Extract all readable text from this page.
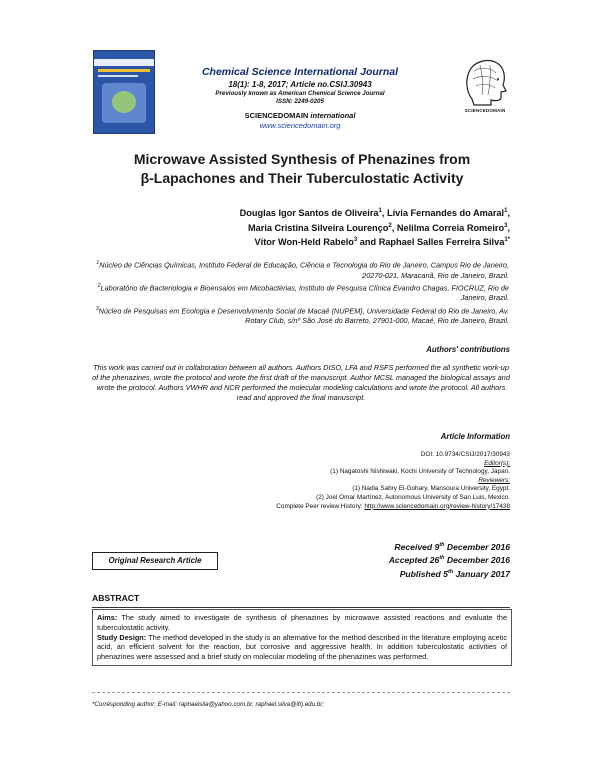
Chemical Science International Journal
18(1): 1-8, 2017; Article no.CSIJ.30943
Previously known as American Chemical Science Journal
ISSN: 2249-0205
SCIENCEDOMAIN international
www.sciencedomain.org
SCIENCEDOMAIN
Microwave Assisted Synthesis of Phenazines from
β-Lapachones and Their Tuberculostatic Activity
Douglas Igor Santos de Oliveira$^1$, Lívia Fernandes do Amaral$^1$,
Maria Cristina Silveira Lourenço$^2$, Nelilma Correia Romeiro$^3$,
Vítor Won-Held Rabelo$^3$ and Raphael Salles Ferreira Silva$^{1*}$
$^1$Núcleo de Ciências Químicas, Instituto Federal de Educação, Ciência e Tecnologia do Rio de Janeiro, Campus Rio de Janeiro, 20270-021, Maracanã, Rio de Janeiro, Brazil.
$^2$Laboratório de Bacteriologia e Bioensaios em Micobactérias, Instituto de Pesquisa Clínica Evandro Chagas, FIOCRUZ, Rio de Janeiro, Brazil.
$^3$Núcleo de Pesquisas em Ecologia e Desenvolvimento Social de Macaé (NUPEM), Universidade Federal do Rio de Janeiro, Av. Rotary Club, s/nº São José do Barreto, 27901-000, Macaé, Rio de Janeiro, Brazil.
Authors' contributions
This work was carried out in collaboration between all authors. Authors DISO, LFA and RSFS performed the all synthetic work-up of the phenazines, wrote the protocol and wrote the first draft of the manuscript. Author MCSL managed the biological assays and wrote the protocol. Authors VWHR and NCR performed the molecular modeling calculations and wrote the protocol. All authors read and approved the final manuscript.
Article Information
DOI: 10.9734/CSIJ/2017/30943
Editor(s):
(1) Nagatoshi Nishiwaki, Kochi University of Technology, Japan.
Reviewers:
(1) Nadia Sabry El-Gohary, Mansoura University, Egypt.
(2) Joel Omar Martínez, Autonomous University of San Luis, Mexico.
Complete Peer review History: http://www.sciencedomain.org/review-history/17438
Original Research Article
Received 9th December 2016
Accepted 26th December 2016
Published 5th January 2017
ABSTRACT
Aims: The study aimed to investigate de synthesis of phenazines by microwave assisted reactions and evaluate the tuberculostatic activity.
Study Design: The method developed in the study is an alternative for the method described in the literature employing acetic acid, an efficient solvent for the reaction, but corrosive and aggressive health. In addition tuberculostatic activities of phenazines were assessed and a brief study on molecular modeling of the phenazines was performed.
*Corresponding author: E-mail: raphaelsila@yahoo.com.br, raphael.silva@ifrj.edu.br;
